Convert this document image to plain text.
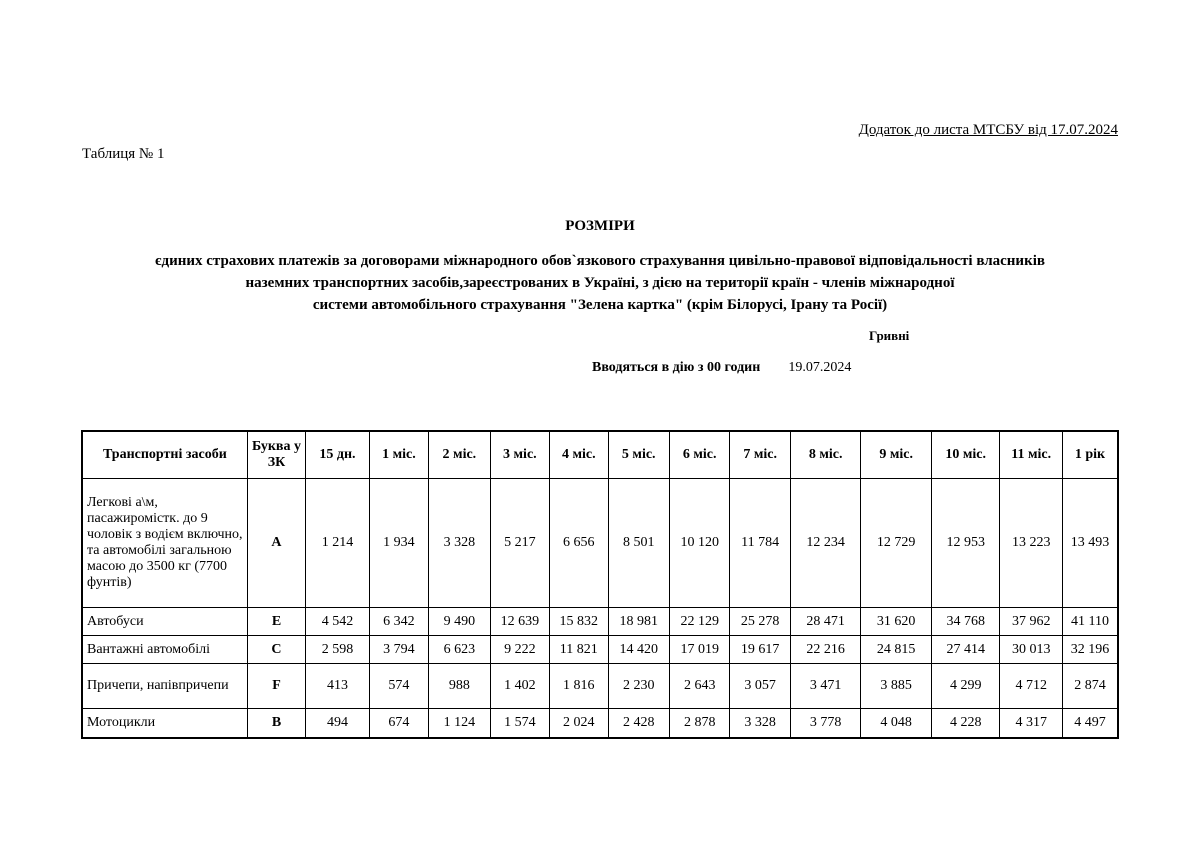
Додаток до листа МТСБУ від 17.07.2024
Таблиця № 1
РОЗМІРИ
єдиних страхових платежів за договорами міжнародного обов`язкового страхування цивільно-правової відповідальності власників
наземних транспортних засобів,зареєстрованих в Україні, з дією на території країн - членів міжнародної
системи автомобільного страхування "Зелена картка" (крім Білорусі, Ірану та Росії)
Гривні
Вводяться в дію з 00 годин 19.07.2024
Транспортні засоби	Буква у ЗК	15 дн.	1 міс.	2 міс.	3 міс.	4 міс.	5 міс.	6 міс.	7 міс.	8 міс.	9 міс.	10 міс.	11 міс.	1 рік
Легкові а\м, пасажиромістк. до 9 чоловік з водієм включно, та автомобілі загальною масою до 3500 кг (7700 фунтів)	A	1 214	1 934	3 328	5 217	6 656	8 501	10 120	11 784	12 234	12 729	12 953	13 223	13 493
Автобуси	E	4 542	6 342	9 490	12 639	15 832	18 981	22 129	25 278	28 471	31 620	34 768	37 962	41 110
Вантажні автомобілі	C	2 598	3 794	6 623	9 222	11 821	14 420	17 019	19 617	22 216	24 815	27 414	30 013	32 196
Причепи, напівпричепи	F	413	574	988	1 402	1 816	2 230	2 643	3 057	3 471	3 885	4 299	4 712	2 874
Мотоцикли	B	494	674	1 124	1 574	2 024	2 428	2 878	3 328	3 778	4 048	4 228	4 317	4 497
